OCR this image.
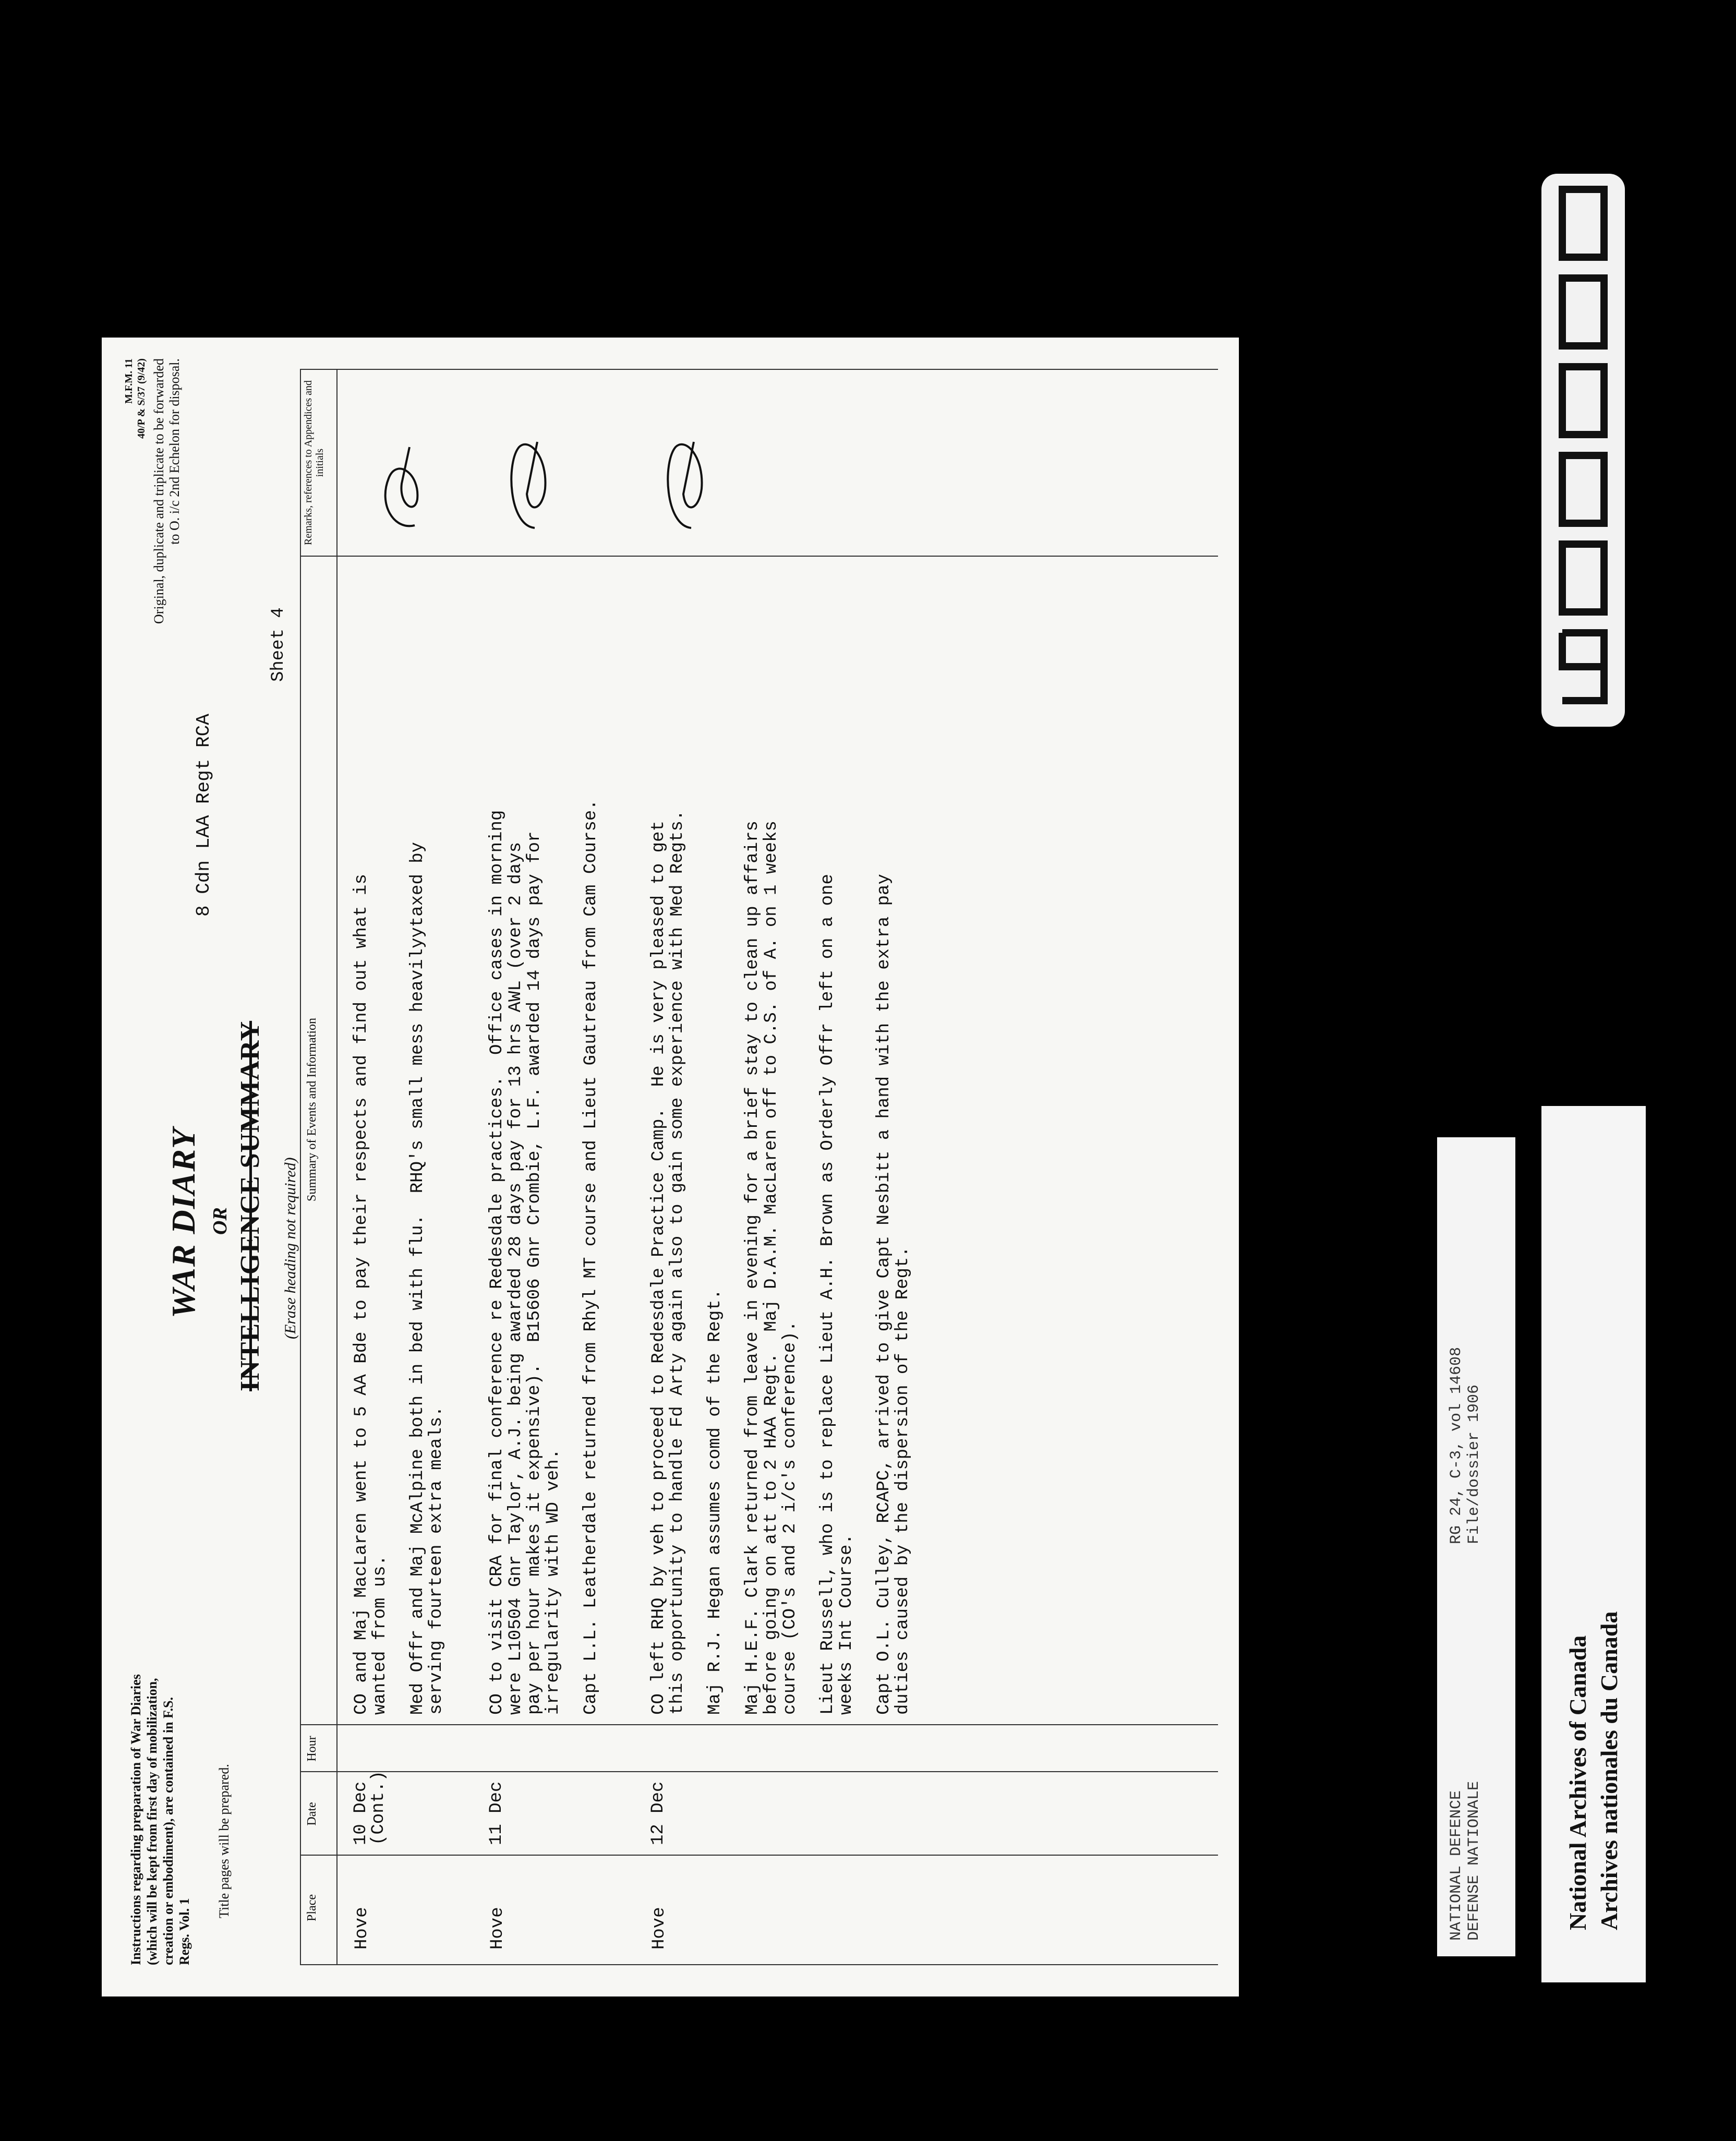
Instructions regarding preparation of War Diaries (which will be kept from first day of mobilization, creation or embodiment), are contained in F.S. Regs. Vol. 1
Title pages will be prepared.
WAR DIARY OR INTELLIGENCE SUMMARY (Erase heading not required)
M.F.M. 11 40/P & S/37 (9/42) Original, duplicate and triplicate to be forwarded to O. i/c 2nd Echelon for disposal.
8 Cdn LAA Regt RCA
Sheet 4
Place
Date
Hour
Summary of Events and Information
Remarks, references to Appendices and initials
Hove
10 Dec
(Cont.)
CO and Maj MacLaren went to 5 AA Bde to pay their respects and find out what is
wanted from us.

Med Offr and Maj McAlpine both in bed with flu.  RHQ's small mess heavilyytaxed by
serving fourteen extra meals.
Hove
11 Dec
CO to visit CRA for final conference re Redesdale practices.  Office cases in morning
were L10504 Gnr Taylor, A.J. being awarded 28 days pay for 13 hrs AWL (over 2 days
pay per hour makes it expensive).  B15606 Gnr Crombie, L.F. awarded 14 days pay for
irregularity with WD veh.

Capt L.L. Leatherdale returned from Rhyl MT course and Lieut Gautreau from Cam Course.
Hove
12 Dec
CO left RHQ by veh to proceed to Redesdale Practice Camp.  He is very pleased to get
this opportunity to handle Fd Arty again also to gain some experience with Med Regts.

Maj R.J. Hegan assumes comd of the Regt.

Maj H.E.F. Clark returned from leave in evening for a brief stay to clean up affairs
before going on att to 2 HAA Regt.  Maj D.A.M. MacLaren off to C.S. of A. on 1 weeks
course (CO's and 2 i/c's conference).

Lieut Russell, who is to replace Lieut A.H. Brown as Orderly Offr left on a one
weeks Int Course.

Capt O.L. Culley, RCAPC, arrived to give Capt Nesbitt a hand with the extra pay
duties caused by the dispersion of the Regt.
NATIONAL DEFENCE DEFENSE NATIONALE
RG 24, C-3, vol 14608 File/dossier 1906
National Archives of Canada Archives nationales du Canada
